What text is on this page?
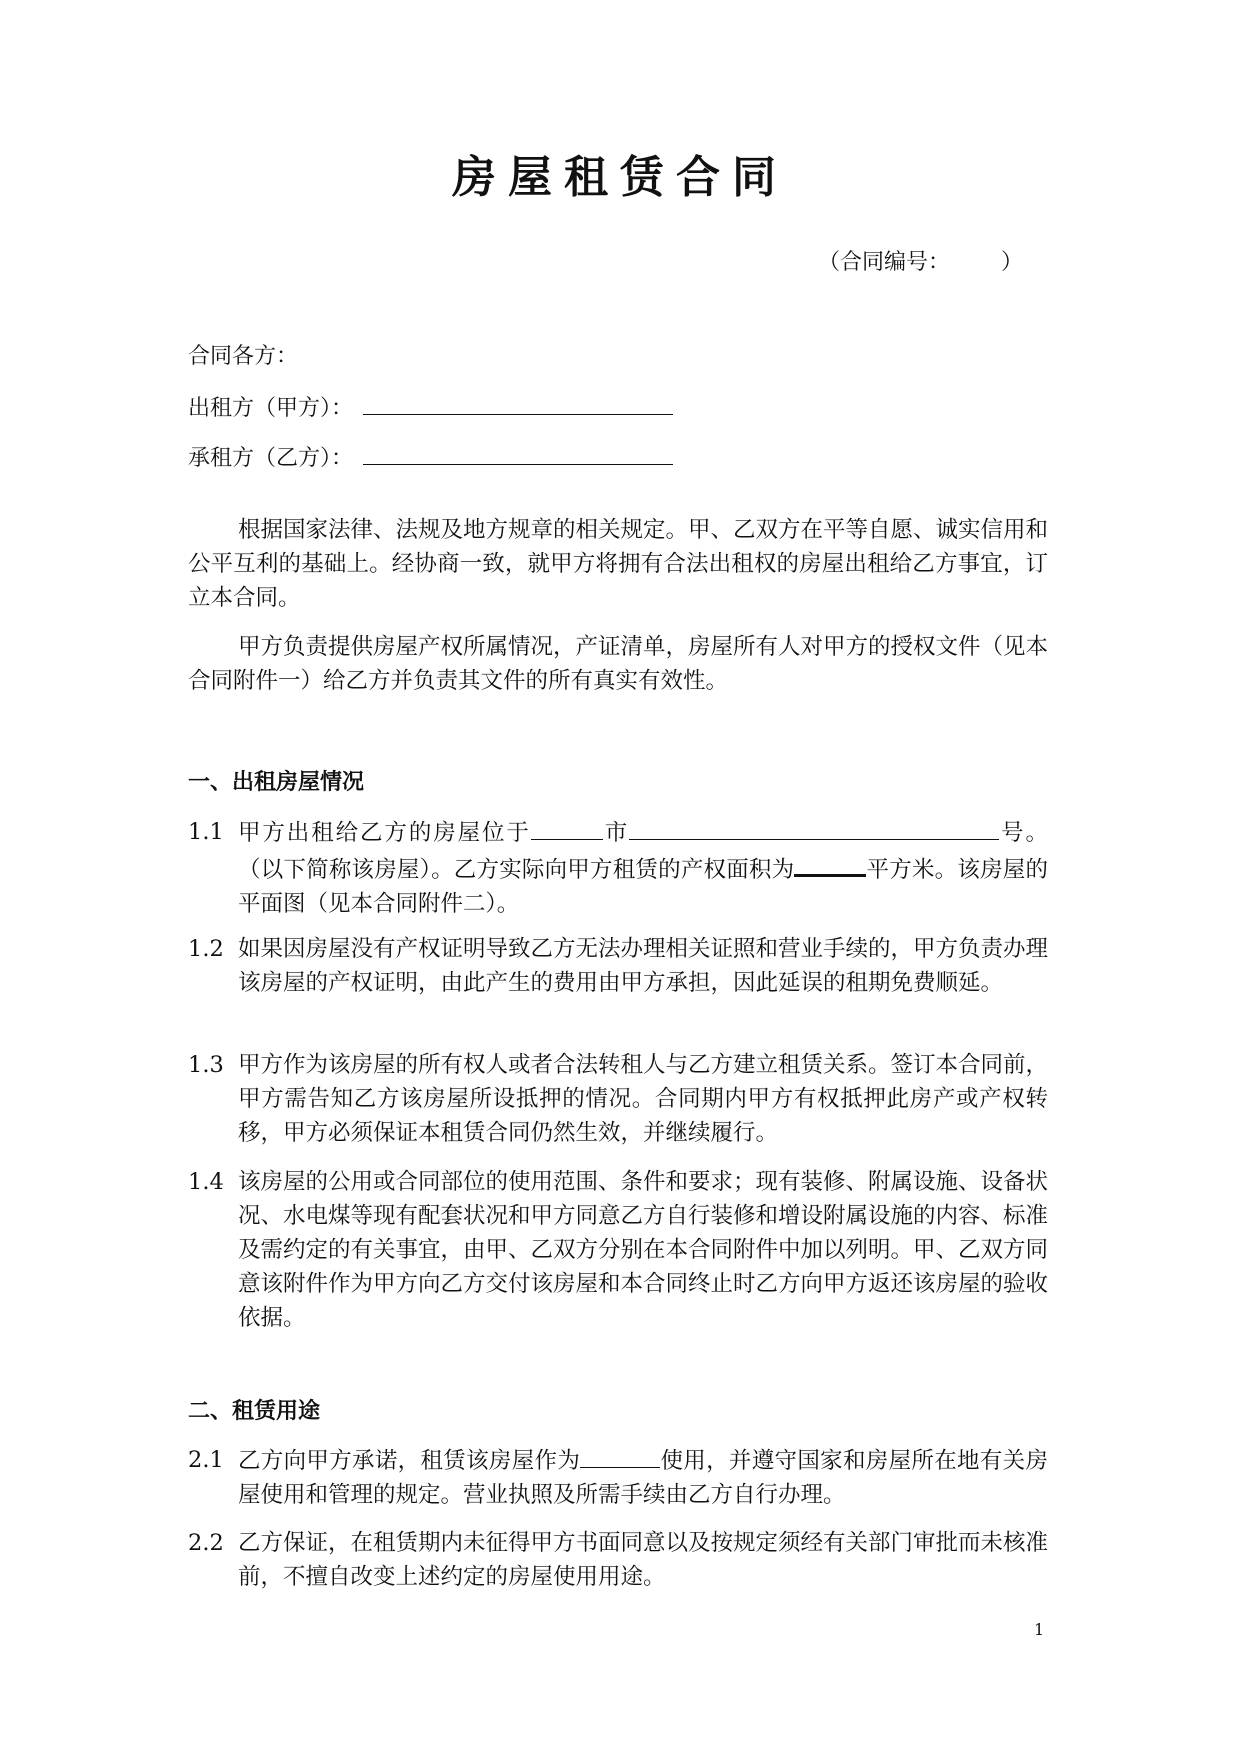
房屋租赁合同
（合同编号：	）
合同各方：
出租方（甲方）：
承租方（乙方）：

根据国家法律、法规及地方规章的相关规定。甲、乙双方在平等自愿、诚实信用和公平互利的基础上。经协商一致，就甲方将拥有合法出租权的房屋出租给乙方事宜，订立本合同。

甲方负责提供房屋产权所属情况，产证清单，房屋所有人对甲方的授权文件（见本合同附件一）给乙方并负责其文件的所有真实有效性。

一、出租房屋情况
1.1 甲方出租给乙方的房屋位于	市	号。（以下简称该房屋）。乙方实际向甲方租赁的产权面积为	平方米。该房屋的平面图（见本合同附件二）。
1.2 如果因房屋没有产权证明导致乙方无法办理相关证照和营业手续的，甲方负责办理该房屋的产权证明，由此产生的费用由甲方承担，因此延误的租期免费顺延。
1.3 甲方作为该房屋的所有权人或者合法转租人与乙方建立租赁关系。签订本合同前，甲方需告知乙方该房屋所设抵押的情况。合同期内甲方有权抵押此房产或产权转移，甲方必须保证本租赁合同仍然生效，并继续履行。
1.4 该房屋的公用或合同部位的使用范围、条件和要求；现有装修、附属设施、设备状况、水电煤等现有配套状况和甲方同意乙方自行装修和增设附属设施的内容、标准及需约定的有关事宜，由甲、乙双方分别在本合同附件中加以列明。甲、乙双方同意该附件作为甲方向乙方交付该房屋和本合同终止时乙方向甲方返还该房屋的验收依据。
二、租赁用途
2.1 乙方向甲方承诺，租赁该房屋作为	使用，并遵守国家和房屋所在地有关房屋使用和管理的规定。营业执照及所需手续由乙方自行办理。
2.2 乙方保证，在租赁期内未征得甲方书面同意以及按规定须经有关部门审批而未核准前，不擅自改变上述约定的房屋使用用途。
1
